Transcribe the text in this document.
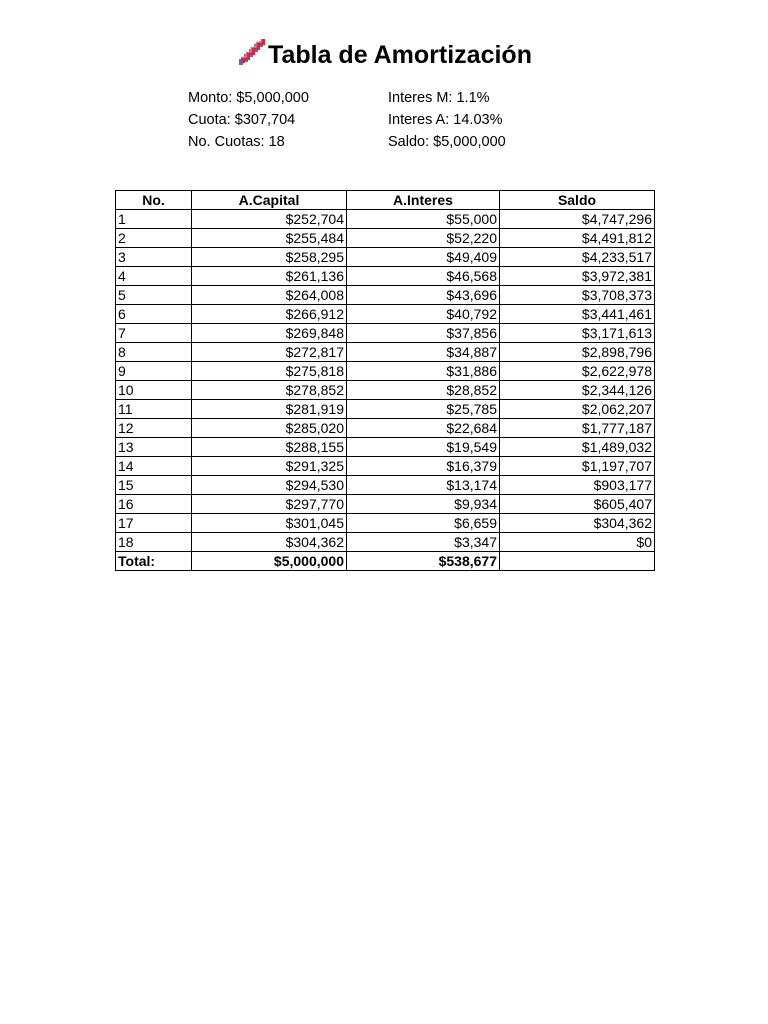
Tabla de Amortización
Monto: $5,000,000	Interes M: 1.1%
Cuota: $307,704	Interes A: 14.03%
No. Cuotas: 18	Saldo: $5,000,000
No.	A.Capital	A.Interes	Saldo
1	$252,704	$55,000	$4,747,296
2	$255,484	$52,220	$4,491,812
3	$258,295	$49,409	$4,233,517
4	$261,136	$46,568	$3,972,381
5	$264,008	$43,696	$3,708,373
6	$266,912	$40,792	$3,441,461
7	$269,848	$37,856	$3,171,613
8	$272,817	$34,887	$2,898,796
9	$275,818	$31,886	$2,622,978
10	$278,852	$28,852	$2,344,126
11	$281,919	$25,785	$2,062,207
12	$285,020	$22,684	$1,777,187
13	$288,155	$19,549	$1,489,032
14	$291,325	$16,379	$1,197,707
15	$294,530	$13,174	$903,177
16	$297,770	$9,934	$605,407
17	$301,045	$6,659	$304,362
18	$304,362	$3,347	$0
Total:	$5,000,000	$538,677	
